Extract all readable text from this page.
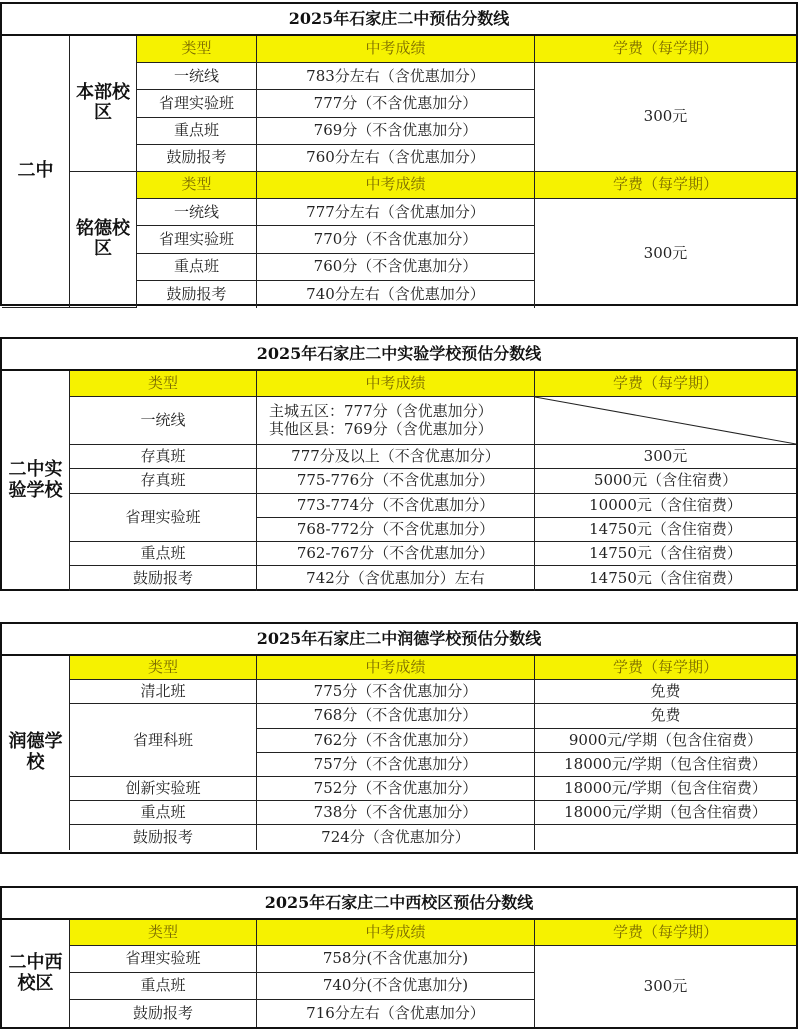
2025年石家庄二中预估分数线
二中
本部校区
类型	中考成绩	学费（每学期）
一统线	783分左右（含优惠加分）
300元
省理实验班	777分（不含优惠加分）
重点班	769分（不含优惠加分）
鼓励报考	760分左右（含优惠加分）
铭德校区
类型	中考成绩	学费（每学期）
一统线	777分左右（含优惠加分）
300元
省理实验班	770分（不含优惠加分）
重点班	760分（不含优惠加分）
鼓励报考	740分左右（含优惠加分）
2025年石家庄二中实验学校预估分数线
二中实验学校
类型	中考成绩	学费（每学期）
一统线	主城五区：777分（含优惠加分）
其他区县：769分（含优惠加分）
存真班	777分及以上（不含优惠加分）	300元
存真班	775-776分（不含优惠加分）	5000元（含住宿费）
省理实验班
773-774分（不含优惠加分）	10000元（含住宿费）
768-772分（不含优惠加分）	14750元（含住宿费）
重点班	762-767分（不含优惠加分）	14750元（含住宿费）
鼓励报考	742分（含优惠加分）左右	14750元（含住宿费）
2025年石家庄二中润德学校预估分数线
润德学校
类型	中考成绩	学费（每学期）
清北班	775分（不含优惠加分）	免费
省理科班
768分（不含优惠加分）	免费
762分（不含优惠加分）	9000元/学期（包含住宿费）
757分（不含优惠加分）	18000元/学期（包含住宿费）
创新实验班	752分（不含优惠加分）	18000元/学期（包含住宿费）
重点班	738分（不含优惠加分）	18000元/学期（包含住宿费）
鼓励报考	724分（含优惠加分）
2025年石家庄二中西校区预估分数线
二中西校区
类型	中考成绩	学费（每学期）
省理实验班	758分(不含优惠加分)
300元
重点班	740分(不含优惠加分)
鼓励报考	716分左右（含优惠加分）
